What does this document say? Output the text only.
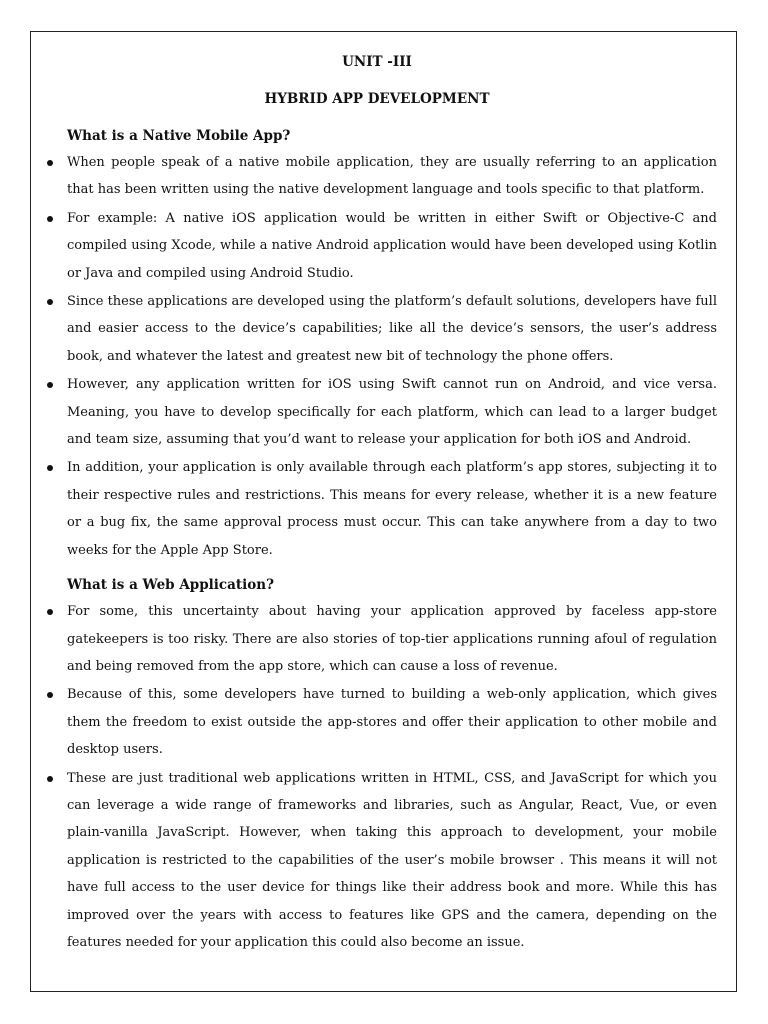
UNIT -III

HYBRID APP DEVELOPMENT

What is a Native Mobile App?

When people speak of a native mobile application, they are usually referring to an application that has been written using the native development language and tools specific to that platform.
For example: A native iOS application would be written in either Swift or Objective-C and compiled using Xcode, while a native Android application would have been developed using Kotlin or Java and compiled using Android Studio.
Since these applications are developed using the platform’s default solutions, developers have full and easier access to the device’s capabilities; like all the device’s sensors, the user’s address book, and whatever the latest and greatest new bit of technology the phone offers.
However, any application written for iOS using Swift cannot run on Android, and vice versa. Meaning, you have to develop specifically for each platform, which can lead to a larger budget and team size, assuming that you’d want to release your application for both iOS and Android.
In addition, your application is only available through each platform’s app stores, subjecting it to their respective rules and restrictions. This means for every release, whether it is a new feature or a bug fix, the same approval process must occur. This can take anywhere from a day to two weeks for the Apple App Store.

What is a Web Application?

For some, this uncertainty about having your application approved by faceless app-store gatekeepers is too risky. There are also stories of top-tier applications running afoul of regulation and being removed from the app store, which can cause a loss of revenue.
Because of this, some developers have turned to building a web-only application, which gives them the freedom to exist outside the app-stores and offer their application to other mobile and desktop users.
These are just traditional web applications written in HTML, CSS, and JavaScript for which you can leverage a wide range of frameworks and libraries, such as Angular, React, Vue, or even plain-vanilla JavaScript. However, when taking this approach to development, your mobile application is restricted to the capabilities of the user’s mobile browser . This means it will not have full access to the user device for things like their address book and more. While this has improved over the years with access to features like GPS and the camera, depending on the features needed for your application this could also become an issue.
